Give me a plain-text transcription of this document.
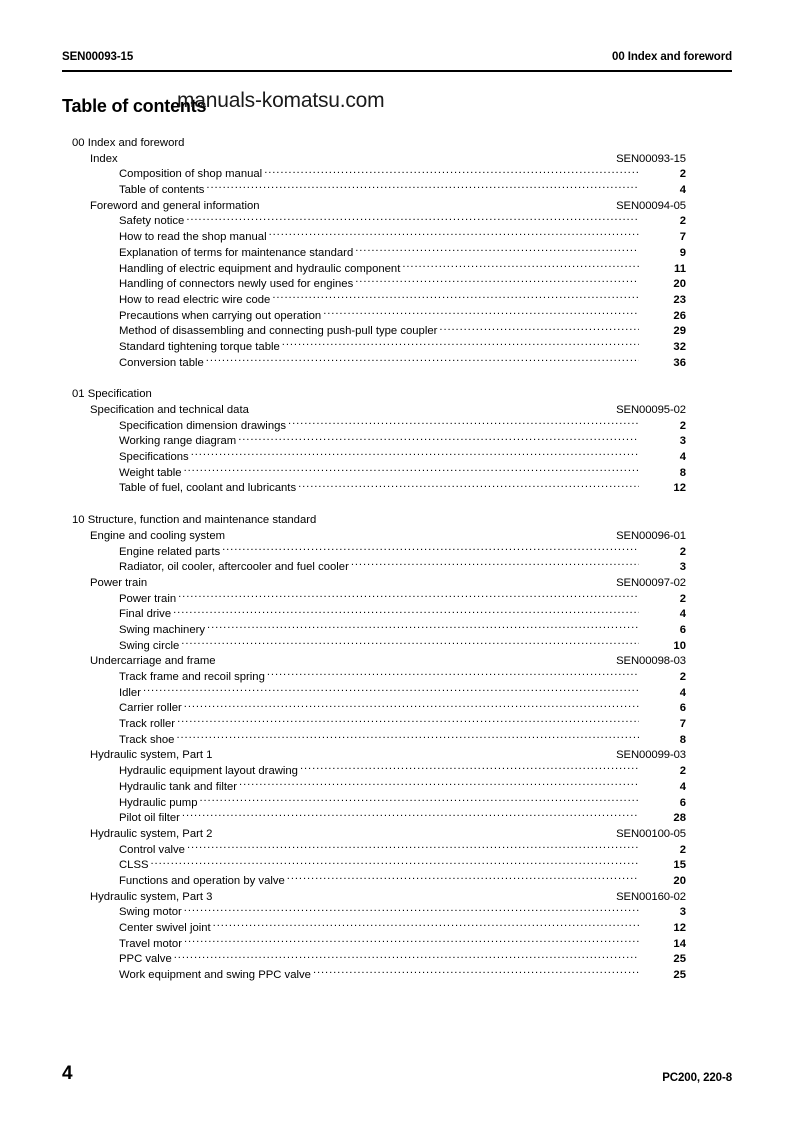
SEN00093-15	00 Index and foreword
Table of contents
manuals-komatsu.com
00 Index and foreword
Index	SEN00093-15
Composition of shop manual .....	2
Table of contents .....	4
Foreword and general information	SEN00094-05
Safety notice .....	2
How to read the shop manual .....	7
Explanation of terms for maintenance standard .....	9
Handling of electric equipment and hydraulic component .....	11
Handling of connectors newly used for engines .....	20
How to read electric wire code .....	23
Precautions when carrying out operation .....	26
Method of disassembling and connecting push-pull type coupler .....	29
Standard tightening torque table .....	32
Conversion table .....	36
01 Specification
Specification and technical data	SEN00095-02
Specification dimension drawings .....	2
Working range diagram .....	3
Specifications .....	4
Weight table .....	8
Table of fuel, coolant and lubricants .....	12
10 Structure, function and maintenance standard
Engine and cooling system	SEN00096-01
Engine related parts .....	2
Radiator, oil cooler, aftercooler and fuel cooler .....	3
Power train	SEN00097-02
Power train .....	2
Final drive .....	4
Swing machinery .....	6
Swing circle .....	10
Undercarriage and frame	SEN00098-03
Track frame and recoil spring .....	2
Idler .....	4
Carrier roller .....	6
Track roller .....	7
Track shoe .....	8
Hydraulic system, Part 1	SEN00099-03
Hydraulic equipment layout drawing .....	2
Hydraulic tank and filter .....	4
Hydraulic pump .....	6
Pilot oil filter .....	28
Hydraulic system, Part 2	SEN00100-05
Control valve .....	2
CLSS .....	15
Functions and operation by valve .....	20
Hydraulic system, Part 3	SEN00160-02
Swing motor .....	3
Center swivel joint .....	12
Travel motor .....	14
PPC valve .....	25
Work equipment and swing PPC valve .....	25
4	PC200, 220-8
